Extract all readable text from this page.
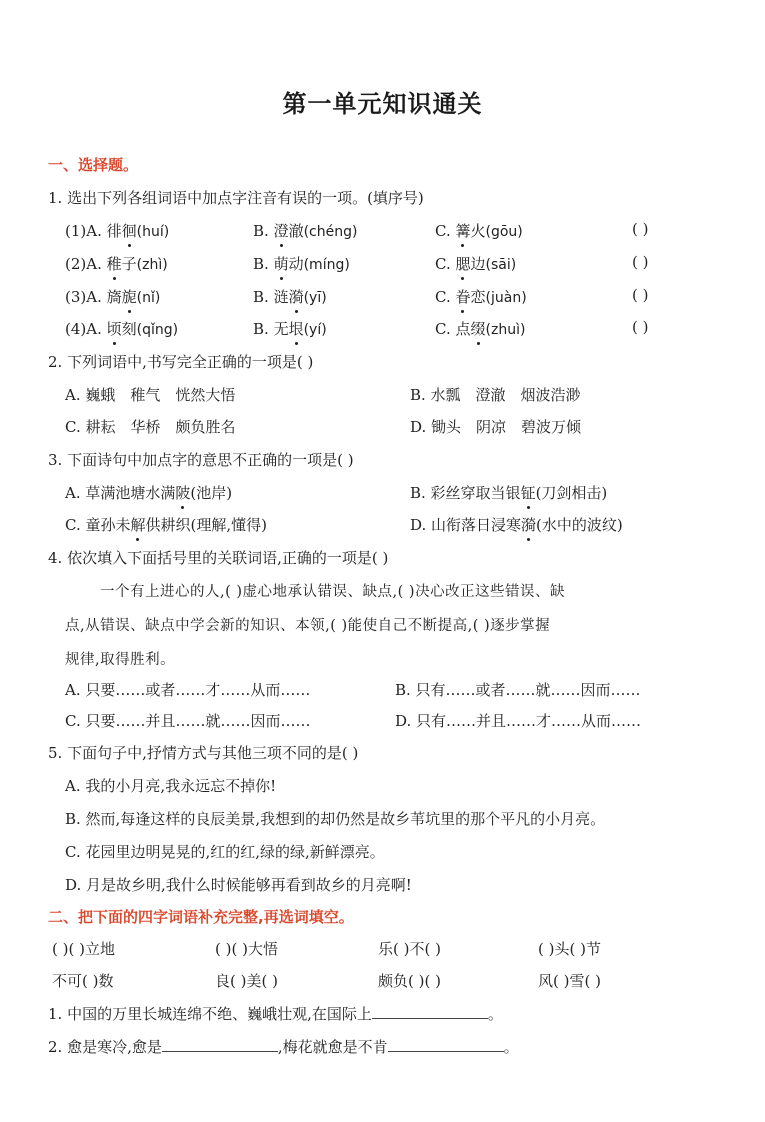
第一单元知识通关
一、选择题。
1. 选出下列各组词语中加点字注音有误的一项。(填序号)
(1)A. 徘徊(huí)	B. 澄澈(chéng)	C. 篝火(gōu)	( )
(2)A. 稚子(zhì)	B. 萌动(míng)	C. 腮边(sāi)	( )
(3)A. 旖旎(nǐ)	B. 涟漪(yī)	C. 眷恋(juàn)	( )
(4)A. 顷刻(qǐng)	B. 无垠(yí)	C. 点缀(zhuì)	( )
2. 下列词语中,书写完全正确的一项是( )
A. 巍蛾　稚气　恍然大悟	B. 水瓢　澄澈　烟波浩渺
C. 耕耘　华桥　颇负胜名	D. 锄头　阴凉　碧波万倾
3. 下面诗句中加点字的意思不正确的一项是( )
A. 草满池塘水满陂(池岸)	B. 彩丝穿取当银钲(刀剑相击)
C. 童孙未解供耕织(理解,懂得)	D. 山衔落日浸寒漪(水中的波纹)
4. 依次填入下面括号里的关联词语,正确的一项是( )
一个有上进心的人,( )虚心地承认错误、缺点,( )决心改正这些错误、缺
点,从错误、缺点中学会新的知识、本领,( )能使自己不断提高,( )逐步掌握
规律,取得胜利。
A. 只要……或者……才……从而……	B. 只有……或者……就……因而……
C. 只要……并且……就……因而……	D. 只有……并且……才……从而……
5. 下面句子中,抒情方式与其他三项不同的是( )
A. 我的小月亮,我永远忘不掉你!
B. 然而,每逢这样的良辰美景,我想到的却仍然是故乡苇坑里的那个平凡的小月亮。
C. 花园里边明晃晃的,红的红,绿的绿,新鲜漂亮。
D. 月是故乡明,我什么时候能够再看到故乡的月亮啊!
二、把下面的四字词语补充完整,再选词填空。
( )( )立地	( )( )大悟	乐( )不( )	( )头( )节
不可( )数	良( )美( )	颇负( )( )	风( )雪( )
1. 中国的万里长城连绵不绝、巍峨壮观,在国际上	。
2. 愈是寒冷,愈是	,梅花就愈是不肯	。
